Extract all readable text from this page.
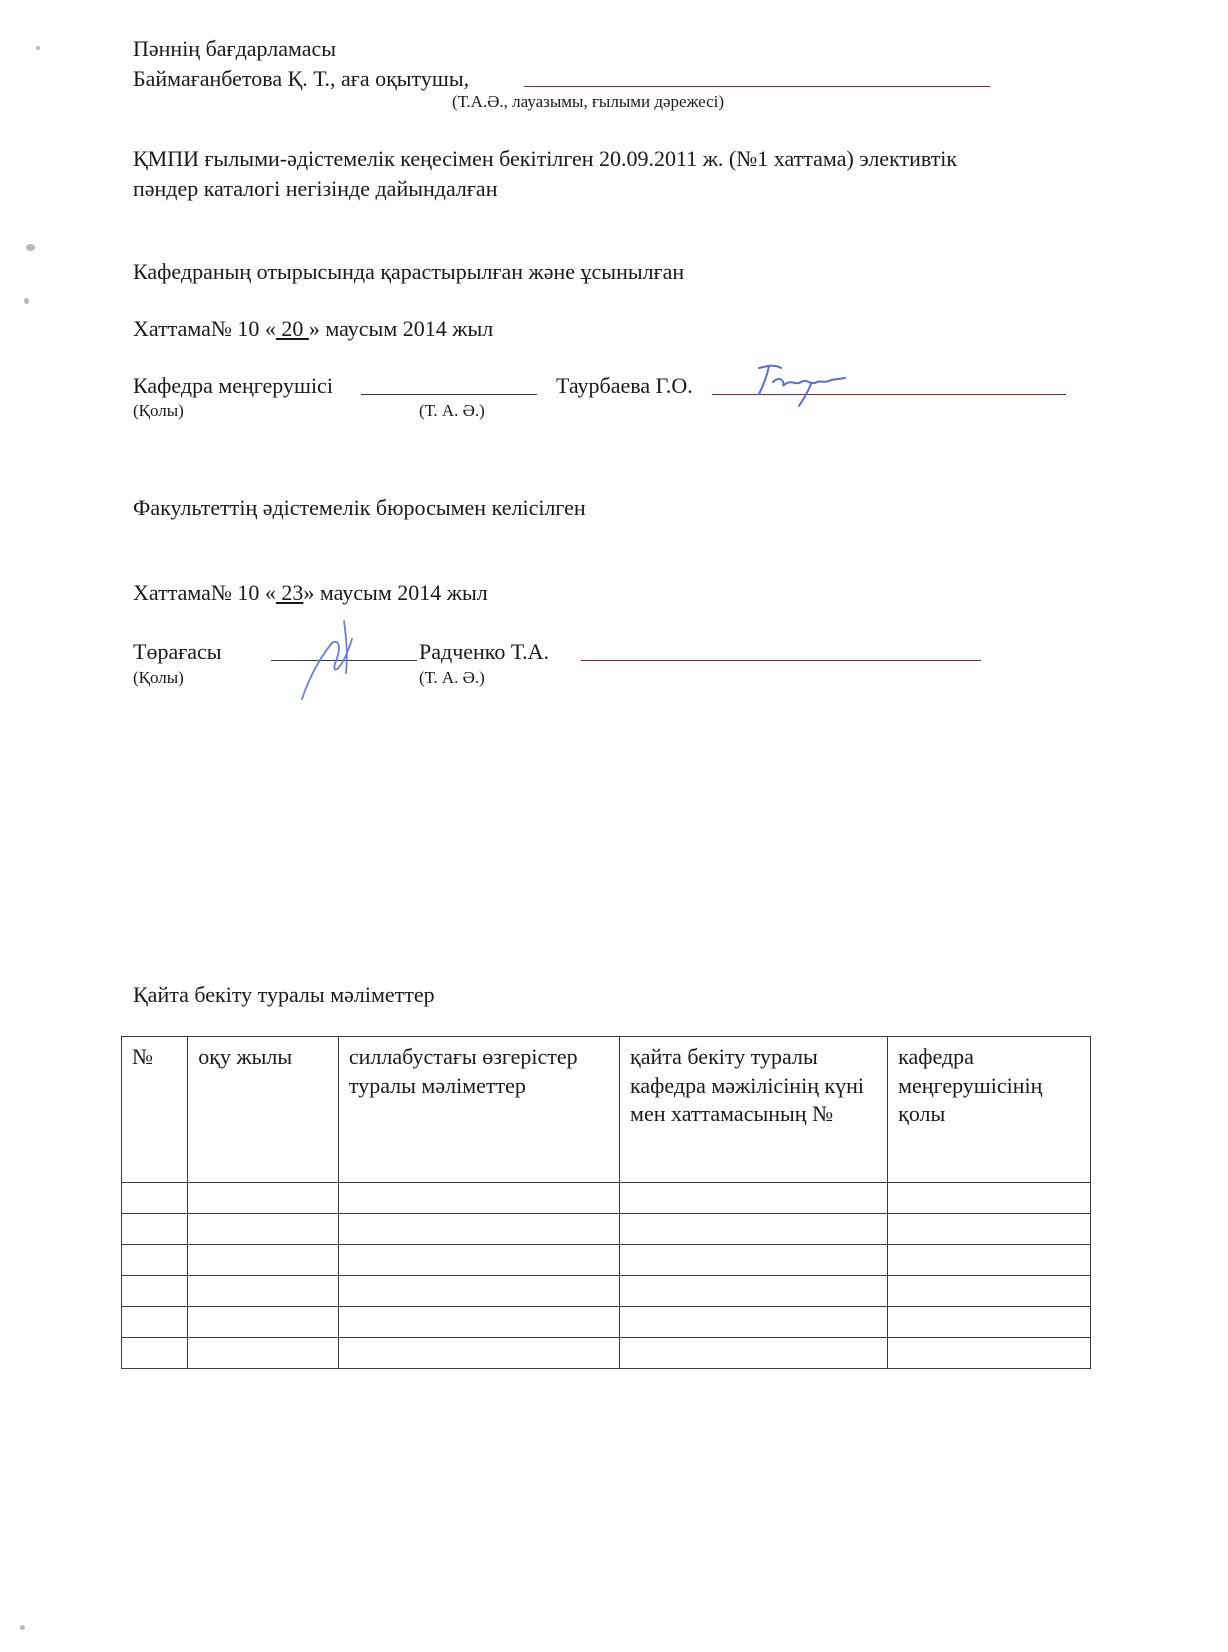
Пәннің бағдарламасы
Баймағанбетова Қ. Т., аға оқытушы,
(Т.А.Ә., лауазымы, ғылыми дәрежесі)
ҚМПИ ғылыми-әдістемелік кеңесімен бекітілген 20.09.2011 ж. (№1 хаттама) элективтік
пәндер каталогі негізінде дайындалған
Кафедраның отырысында қарастырылған және ұсынылған
Хаттама№ 10 « 20 » маусым 2014 жыл
Кафедра меңгерушісі	Таурбаева Г.О.
(Қолы)	(Т. А. Ә.)
Факультеттің әдістемелік бюросымен келісілген
Хаттама№ 10 « 23» маусым 2014 жыл
Төрағасы	Радченко Т.А.
(Қолы)	(Т. А. Ә.)
Қайта бекіту туралы мәліметтер
№	оқу жылы	силлабустағы өзгерістер туралы мәліметтер	қайта бекіту туралы кафедра мәжілісінің күні мен хаттамасының №	кафедра меңгерушісінің қолы
